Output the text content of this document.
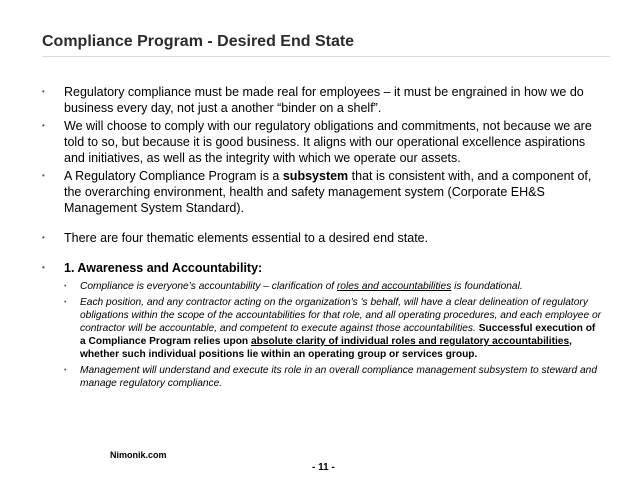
Compliance Program - Desired End State
• Regulatory compliance must be made real for employees – it must be engrained in how we do business every day, not just a another “binder on a shelf”.
• We will choose to comply with our regulatory obligations and commitments, not because we are told to so, but because it is good business. It aligns with our operational excellence aspirations and initiatives, as well as the integrity with which we operate our assets.
• A Regulatory Compliance Program is a subsystem that is consistent with, and a component of, the overarching environment, health and safety management system (Corporate EH&S Management System Standard).
• There are four thematic elements essential to a desired end state.
• 1. Awareness and Accountability:
• Compliance is everyone’s accountability – clarification of roles and accountabilities is foundational.
• Each position, and any contractor acting on the organization's 's behalf, will have a clear delineation of regulatory obligations within the scope of the accountabilities for that role, and all operating procedures, and each employee or contractor will be accountable, and competent to execute against those accountabilities. Successful execution of a Compliance Program relies upon absolute clarity of individual roles and regulatory accountabilities, whether such individual positions lie within an operating group or services group.
• Management will understand and execute its role in an overall compliance management subsystem to steward and manage regulatory compliance.
Nimonik.com
- 11 -
